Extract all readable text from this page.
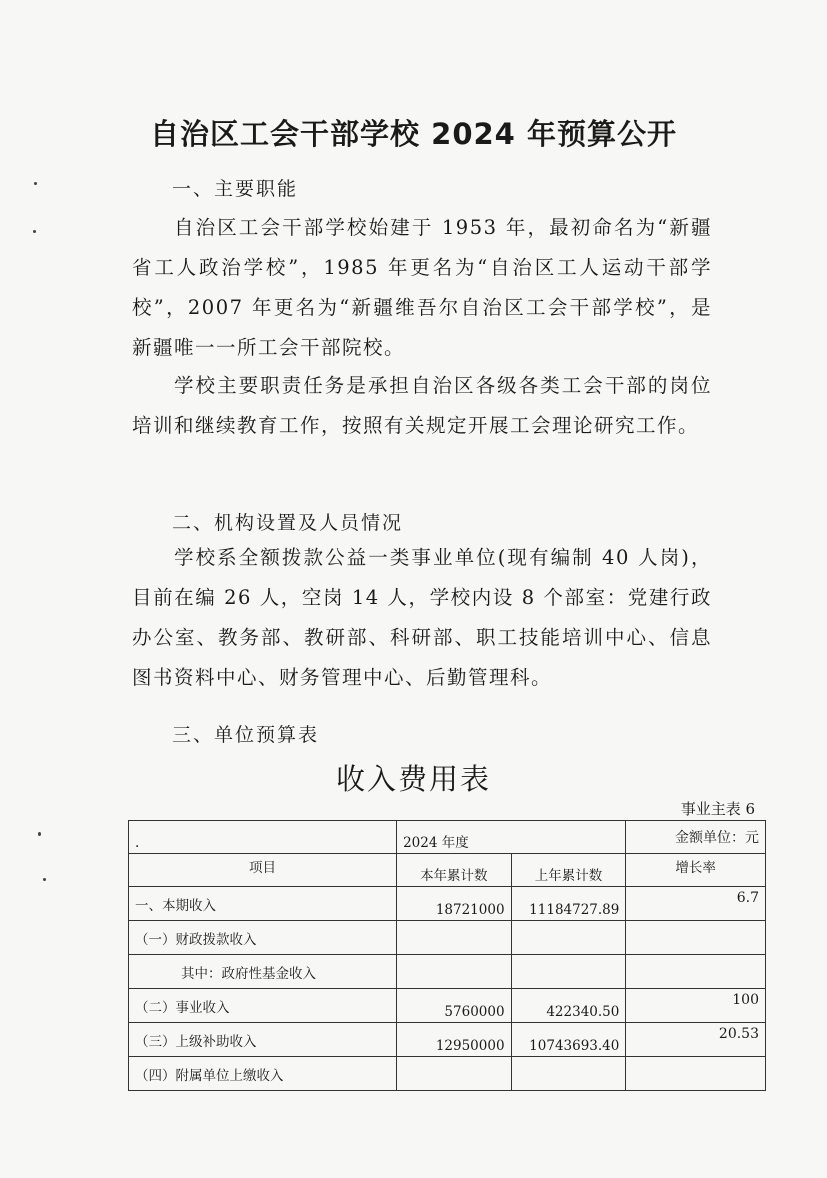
自治区工会干部学校 2024 年预算公开
一、主要职能

自治区工会干部学校始建于 1953 年，最初命名为“新疆省工人政治学校”，1985 年更名为“自治区工人运动干部学校”，2007 年更名为“新疆维吾尔自治区工会干部学校”，是新疆唯一一所工会干部院校。

学校主要职责任务是承担自治区各级各类工会干部的岗位培训和继续教育工作，按照有关规定开展工会理论研究工作。

二、机构设置及人员情况

学校系全额拨款公益一类事业单位(现有编制 40 人岗)，目前在编 26 人，空岗 14 人，学校内设 8 个部室：党建行政办公室、教务部、教研部、科研部、职工技能培训中心、信息图书资料中心、财务管理中心、后勤管理科。

三、单位预算表
收入费用表
事业主表 6
.	2024 年度		金额单位：元
项目	本年累计数	上年累计数	增长率
一、本期收入	18721000	11184727.89	6.7
（一）财政拨款收入			
其中：政府性基金收入			
（二）事业收入	5760000	422340.50	100
（三）上级补助收入	12950000	10743693.40	20.53
（四）附属单位上缴收入			
